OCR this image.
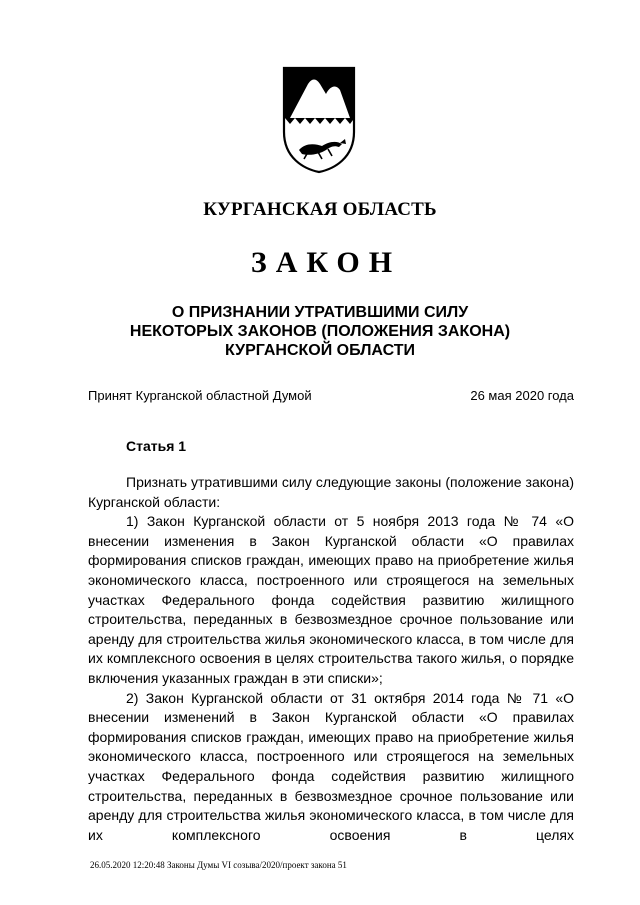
КУРГАНСКАЯ ОБЛАСТЬ
ЗАКОН
О ПРИЗНАНИИ УТРАТИВШИМИ СИЛУ
НЕКОТОРЫХ ЗАКОНОВ (ПОЛОЖЕНИЯ ЗАКОНА)
КУРГАНСКОЙ ОБЛАСТИ
Принят Курганской областной Думой	26 мая 2020 года
Статья 1

Признать утратившими силу следующие законы (положение закона) Курганской области:

1) Закон Курганской области от 5 ноября 2013 года № 74 «О внесении изменения в Закон Курганской области «О правилах формирования списков граждан, имеющих право на приобретение жилья экономического класса, построенного или строящегося на земельных участках Федерального фонда содействия развитию жилищного строительства, переданных в безвозмездное срочное пользование или аренду для строительства жилья экономического класса, в том числе для их комплексного освоения в целях строительства такого жилья, о порядке включения указанных граждан в эти списки»;

2) Закон Курганской области от 31 октября 2014 года № 71 «О внесении изменений в Закон Курганской области «О правилах формирования списков граждан, имеющих право на приобретение жилья экономического класса, построенного или строящегося на земельных участках Федерального фонда содействия развитию жилищного строительства, переданных в безвозмездное срочное пользование или аренду для строительства жилья экономического класса, в том числе для их комплексного освоения в целях

26.05.2020 12:20:48 Законы Думы VI созыва/2020/проект закона 51
